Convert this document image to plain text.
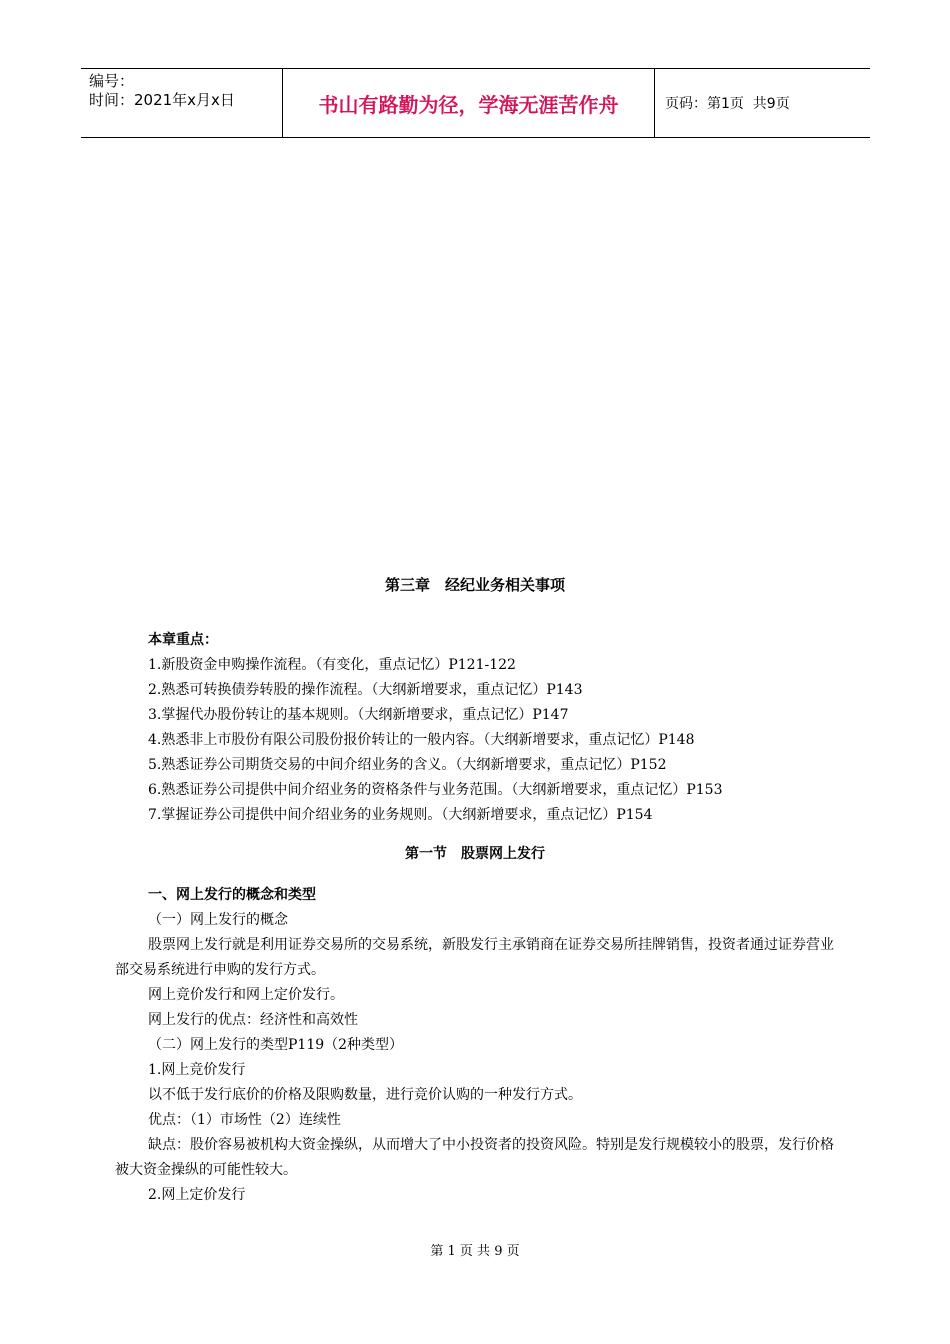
编号：
时间：2021年x月x日	书山有路勤为径，学海无涯苦作舟	页码：第1页  共9页
第三章　经纪业务相关事项
本章重点：
1.新股资金申购操作流程。（有变化，重点记忆）P121-122
2.熟悉可转换债券转股的操作流程。（大纲新增要求，重点记忆）P143
3.掌握代办股份转让的基本规则。（大纲新增要求，重点记忆）P147
4.熟悉非上市股份有限公司股份报价转让的一般内容。（大纲新增要求，重点记忆）P148
5.熟悉证券公司期货交易的中间介绍业务的含义。（大纲新增要求，重点记忆）P152
6.熟悉证券公司提供中间介绍业务的资格条件与业务范围。（大纲新增要求，重点记忆）P153
7.掌握证券公司提供中间介绍业务的业务规则。（大纲新增要求，重点记忆）P154
第一节　股票网上发行
一、网上发行的概念和类型
（一）网上发行的概念
股票网上发行就是利用证券交易所的交易系统，新股发行主承销商在证券交易所挂牌销售，投资者通过证券营业部交易系统进行申购的发行方式。
网上竞价发行和网上定价发行。
网上发行的优点：经济性和高效性
（二）网上发行的类型P119（2种类型）
1.网上竞价发行
以不低于发行底价的价格及限购数量，进行竞价认购的一种发行方式。
优点：（1）市场性（2）连续性
缺点：股价容易被机构大资金操纵，从而增大了中小投资者的投资风险。特别是发行规模较小的股票，发行价格被大资金操纵的可能性较大。
2.网上定价发行
第 1 页 共 9 页
